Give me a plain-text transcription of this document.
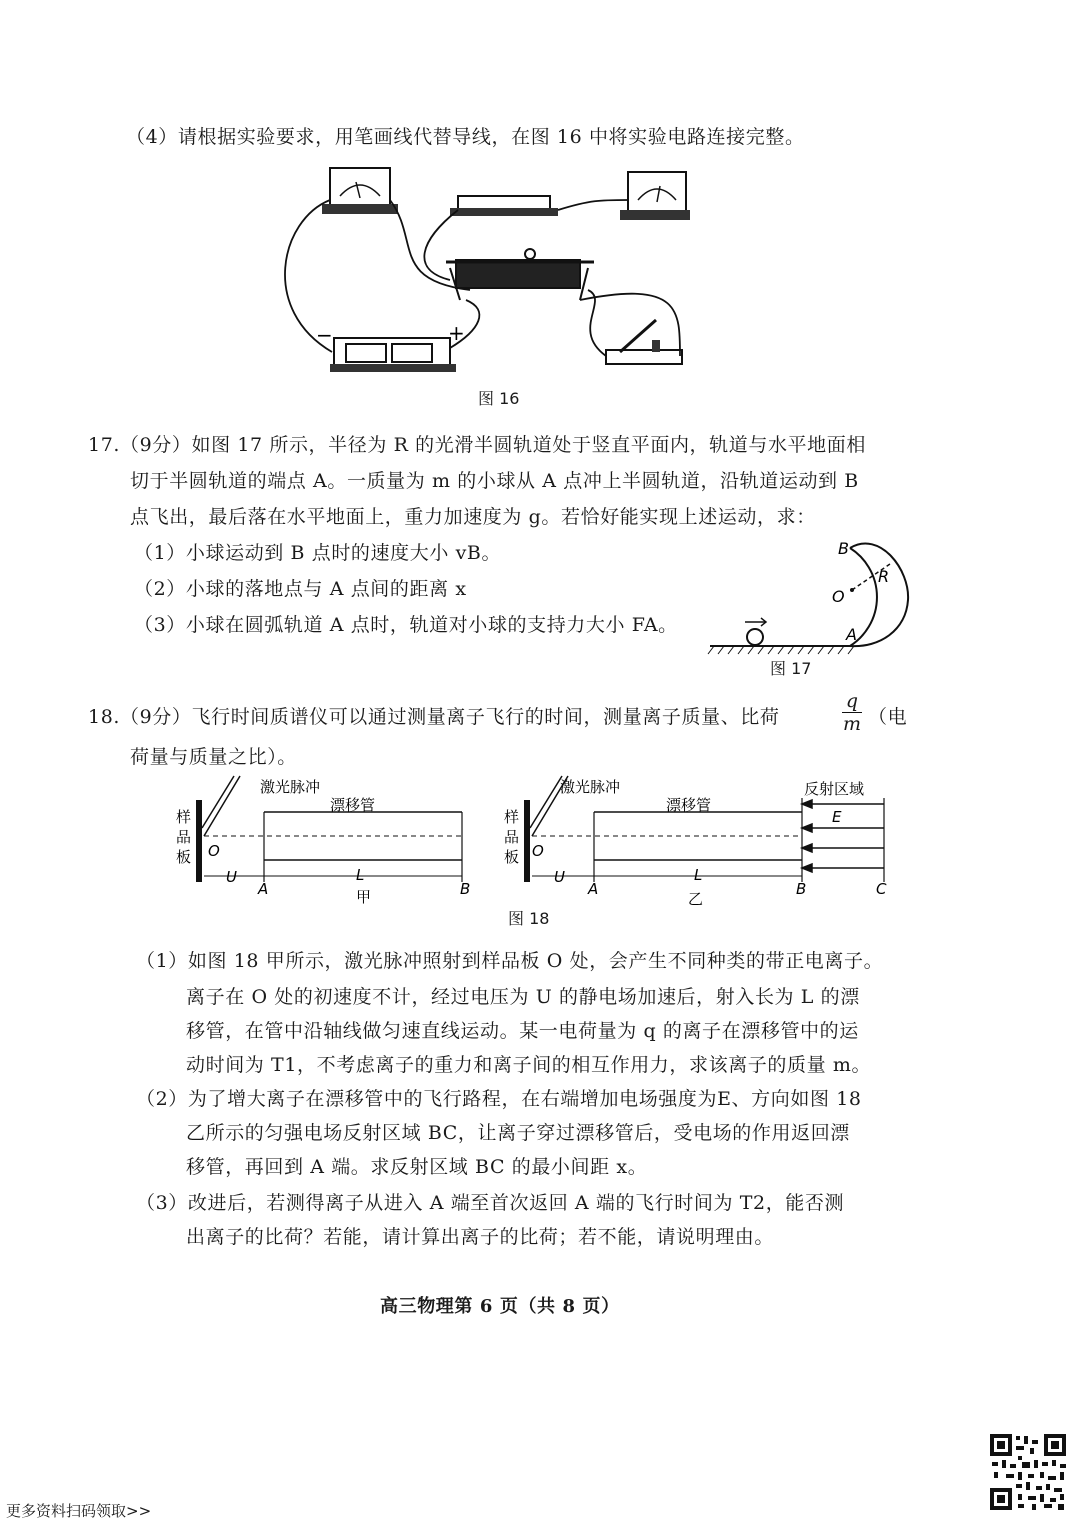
（4）请根据实验要求，用笔画线代替导线，在图 16 中将实验电路连接完整。
−	+
图 16
17.（9分）如图 17 所示，半径为 R 的光滑半圆轨道处于竖直平面内，轨道与水平地面相
切于半圆轨道的端点 A。一质量为 m 的小球从 A 点冲上半圆轨道，沿轨道运动到 B
点飞出，最后落在水平地面上，重力加速度为 g。若恰好能实现上述运动，求：
（1）小球运动到 B 点时的速度大小 vB。
（2）小球的落地点与 A 点间的距离 x
（3）小球在圆弧轨道 A 点时，轨道对小球的支持力大小 FA。
B
O
R
A
图 17
18.（9分）飞行时间质谱仪可以通过测量离子飞行的时间，测量离子质量、比荷	$\frac{q}{m}$ （电
荷量与质量之比）。
激光脉冲
漂移管
样
品
板 O
U
A
L
B
甲
激光脉冲
漂移管
反射区域
E
样
品
板 O
U
A
L
B	C
乙
图 18
（1）如图 18 甲所示，激光脉冲照射到样品板 O 处，会产生不同种类的带正电离子。
离子在 O 处的初速度不计，经过电压为 U 的静电场加速后，射入长为 L 的漂
移管，在管中沿轴线做匀速直线运动。某一电荷量为 q 的离子在漂移管中的运
动时间为 T1，不考虑离子的重力和离子间的相互作用力，求该离子的质量 m。
（2）为了增大离子在漂移管中的飞行路程，在右端增加电场强度为E、方向如图 18
乙所示的匀强电场反射区域 BC，让离子穿过漂移管后，受电场的作用返回漂
移管，再回到 A 端。求反射区域 BC 的最小间距 x。
（3）改进后，若测得离子从进入 A 端至首次返回 A 端的飞行时间为 T2，能否测
出离子的比荷？若能，请计算出离子的比荷；若不能，请说明理由。
高三物理第 6 页（共 8 页）
更多资料扫码领取>>
